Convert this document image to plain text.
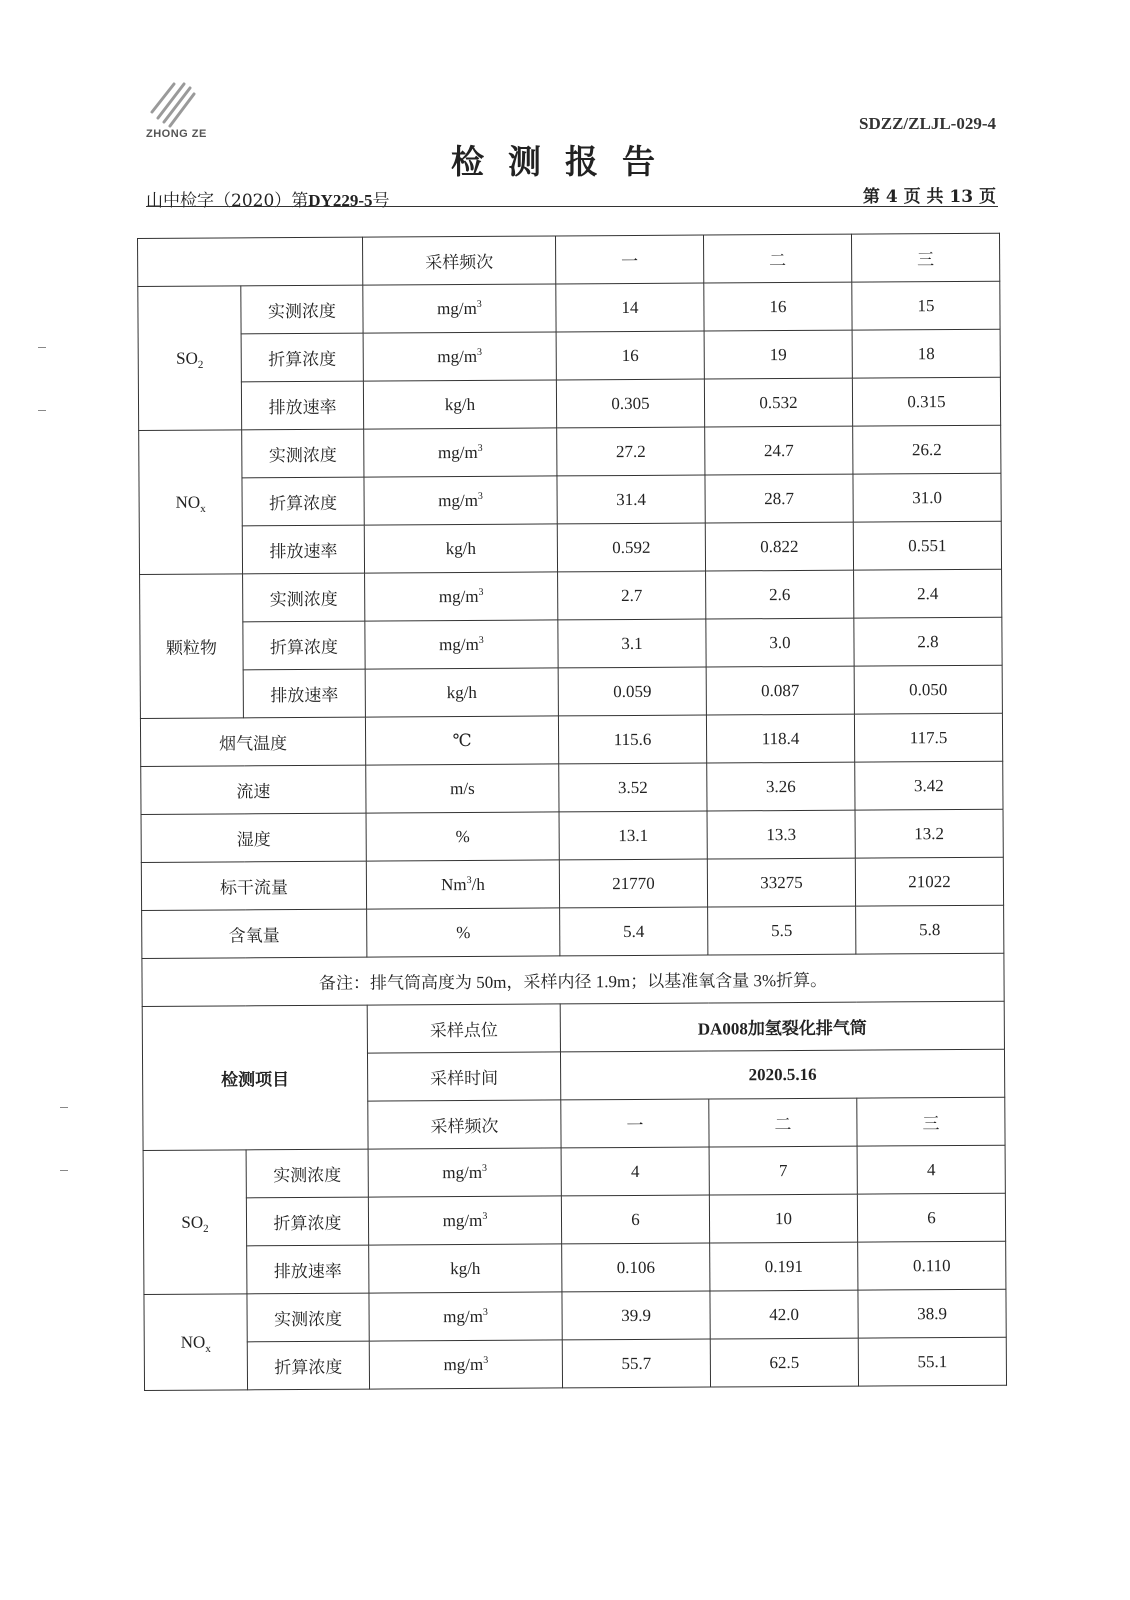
ZHONG ZE
SDZZ/ZLJL-029-4
检测报告
山中检字（2020）第DY229-5号	第 4 页 共 13 页
		采样频次	一	二	三
$SO_2$	实测浓度	$mg/m^3$	14	16	15
	折算浓度	$mg/m^3$	16	19	18
	排放速率	kg/h	0.305	0.532	0.315
$NO_x$	实测浓度	$mg/m^3$	27.2	24.7	26.2
	折算浓度	$mg/m^3$	31.4	28.7	31.0
	排放速率	kg/h	0.592	0.822	0.551
颗粒物	实测浓度	$mg/m^3$	2.7	2.6	2.4
	折算浓度	$mg/m^3$	3.1	3.0	2.8
	排放速率	kg/h	0.059	0.087	0.050
烟气温度		℃	115.6	118.4	117.5
流速		m/s	3.52	3.26	3.42
湿度		%	13.1	13.3	13.2
标干流量		Nm$^3$/h	21770	33275	21022
含氧量		%	5.4	5.5	5.8
备注：排气筒高度为 50m，采样内径 1.9m；以基准氧含量 3%折算。					
检测项目		采样点位	DA008加氢裂化排气筒		
		采样时间	2020.5.16		
		采样频次	一	二	三
$SO_2$	实测浓度	$mg/m^3$	4	7	4
	折算浓度	$mg/m^3$	6	10	6
	排放速率	kg/h	0.106	0.191	0.110
$NO_x$	实测浓度	$mg/m^3$	39.9	42.0	38.9
	折算浓度	$mg/m^3$	55.7	62.5	55.1
